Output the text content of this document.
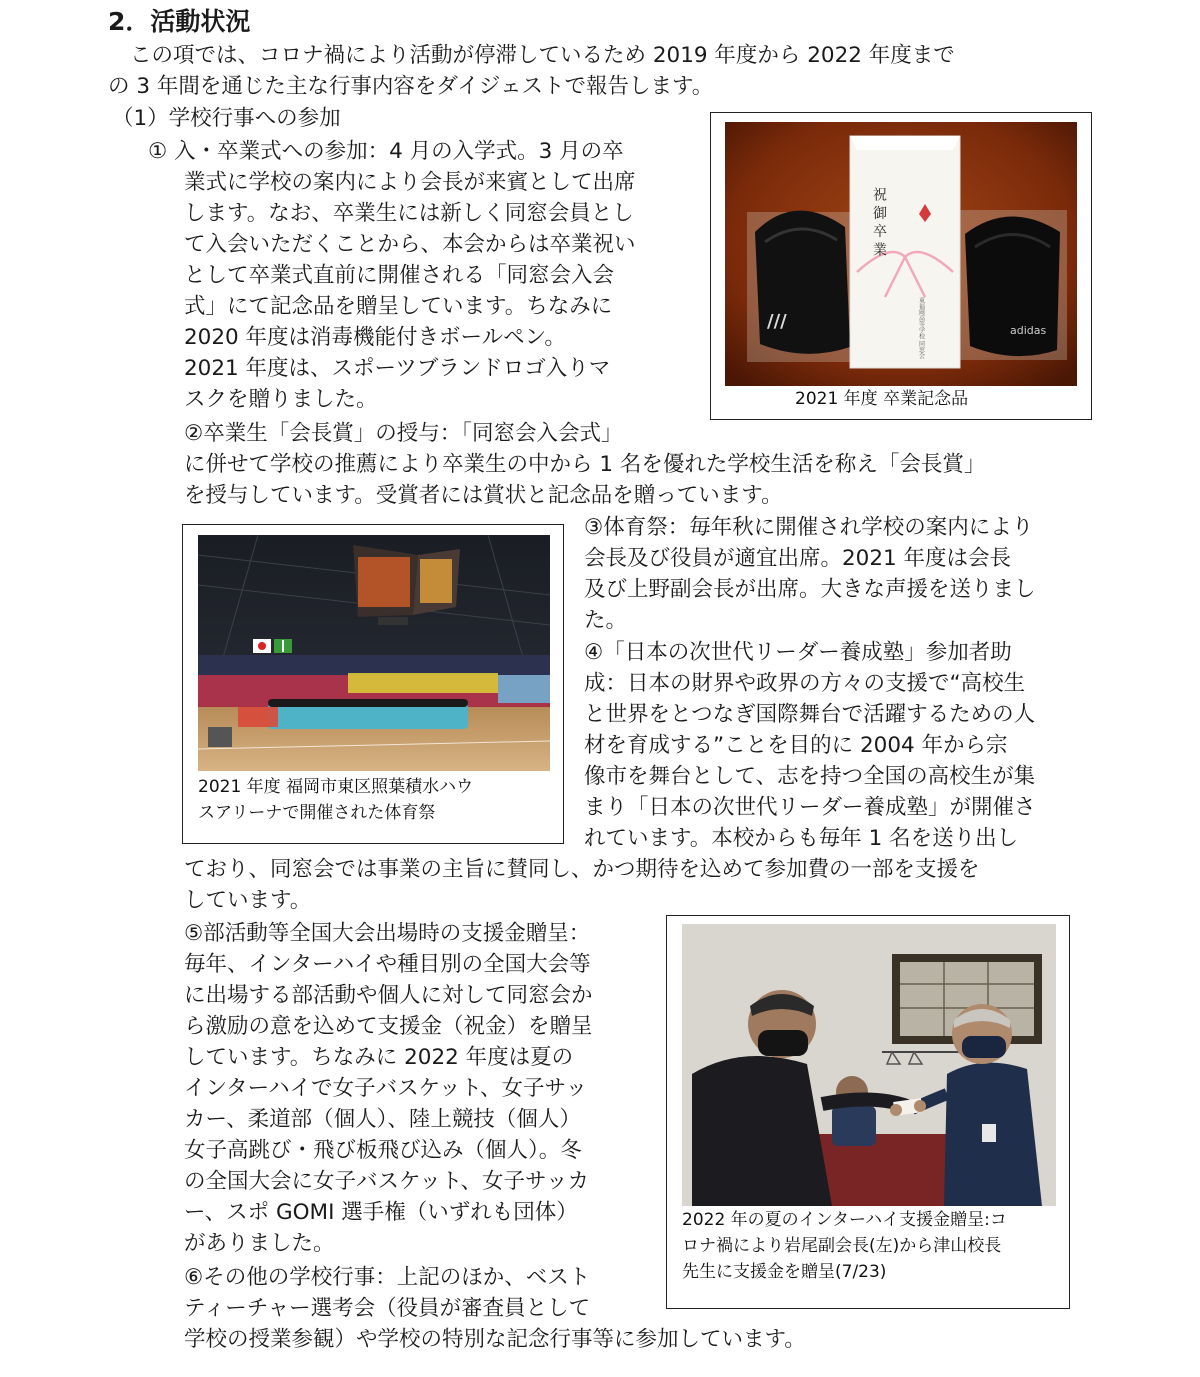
2．活動状況
この項では、コロナ禍により活動が停滞しているため 2019 年度から 2022 年度まで
の 3 年間を通じた主な行事内容をダイジェストで報告します。
（1）学校行事への参加
① 入・卒業式への参加：4 月の入学式。3 月の卒
業式に学校の案内により会長が来賓として出席
します。なお、卒業生には新しく同窓会員とし
て入会いただくことから、本会からは卒業祝い
として卒業式直前に開催される「同窓会入会
式」にて記念品を贈呈しています。ちなみに
2020 年度は消毒機能付きボールペン。
2021 年度は、スポーツブランドロゴ入りマ
スクを贈りました。
②卒業生「会長賞」の授与：「同窓会入会式」
に併せて学校の推薦により卒業生の中から 1 名を優れた学校生活を称え「会長賞」
を授与しています。受賞者には賞状と記念品を贈っています。
③体育祭：毎年秋に開催され学校の案内により
会長及び役員が適宜出席。2021 年度は会長
及び上野副会長が出席。大きな声援を送りまし
た。
④「日本の次世代リーダー養成塾」参加者助
成：日本の財界や政界の方々の支援で“高校生
と世界をとつなぎ国際舞台で活躍するための人
材を育成する”ことを目的に 2004 年から宗
像市を舞台として、志を持つ全国の高校生が集
まり「日本の次世代リーダー養成塾」が開催さ
れています。本校からも毎年 1 名を送り出し
ており、同窓会では事業の主旨に賛同し、かつ期待を込めて参加費の一部を支援を
しています。
⑤部活動等全国大会出場時の支援金贈呈：
毎年、インターハイや種目別の全国大会等
に出場する部活動や個人に対して同窓会か
ら激励の意を込めて支援金（祝金）を贈呈
しています。ちなみに 2022 年度は夏の
インターハイで女子バスケット、女子サッ
カー、柔道部（個人）、陸上競技（個人）
女子高跳び・飛び板飛び込み（個人）。冬
の全国大会に女子バスケット、女子サッカ
ー、スポ GOMI 選手権（いずれも団体）
がありました。
⑥その他の学校行事：上記のほか、ベスト
ティーチャー選考会（役員が審査員として
学校の授業参観）や学校の特別な記念行事等に参加しています。
/∕/	adidas
祝 御 卒 業
東福岡高等学校 同窓会
2021 年度 卒業記念品
2021 年度 福岡市東区照葉積水ハウ
スアリーナで開催された体育祭
2022 年の夏のインターハイ支援金贈呈:コ
ロナ禍により岩尾副会長(左)から津山校長
先生に支援金を贈呈(7/23)
